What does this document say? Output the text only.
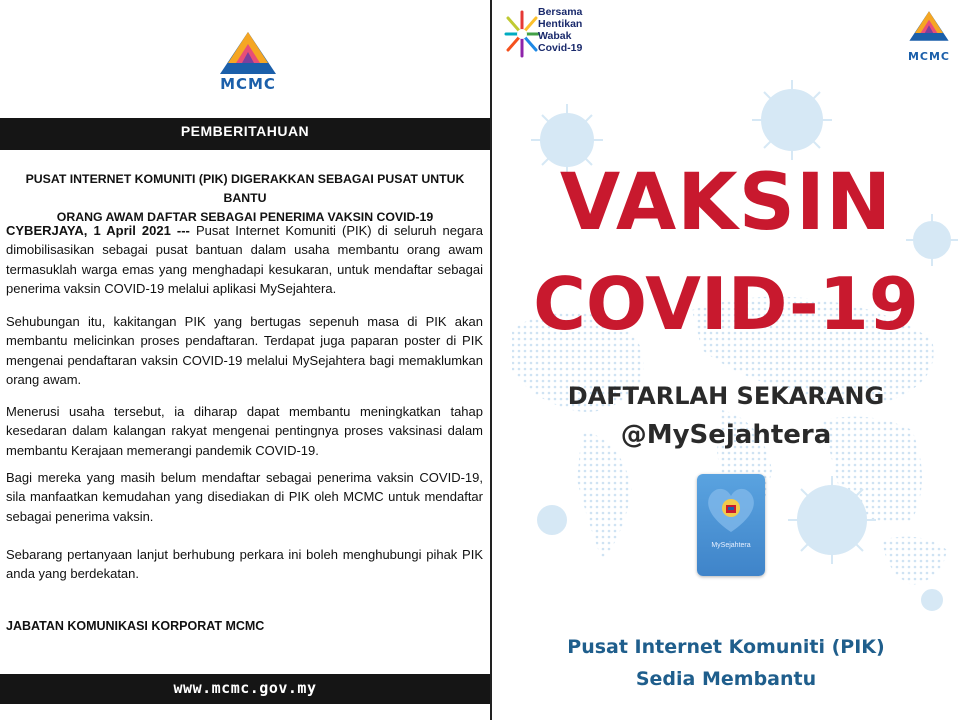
MCMC
PEMBERITAHUAN
PUSAT INTERNET KOMUNITI (PIK) DIGERAKKAN SEBAGAI PUSAT UNTUK BANTU
ORANG AWAM DAFTAR SEBAGAI PENERIMA VAKSIN COVID-19
CYBERJAYA, 1 April 2021 --- Pusat Internet Komuniti (PIK) di seluruh negara dimobilisasikan sebagai pusat bantuan dalam usaha membantu orang awam termasuklah warga emas yang menghadapi kesukaran, untuk mendaftar sebagai penerima vaksin COVID-19 melalui aplikasi MySejahtera.
Sehubungan itu, kakitangan PIK yang bertugas sepenuh masa di PIK akan membantu melicinkan proses pendaftaran. Terdapat juga paparan poster di PIK mengenai pendaftaran vaksin COVID-19 melalui MySejahtera bagi memaklumkan orang awam.
Menerusi usaha tersebut, ia diharap dapat membantu meningkatkan tahap kesedaran dalam kalangan rakyat mengenai pentingnya proses vaksinasi dalam membantu Kerajaan memerangi pandemik COVID-19.
Bagi mereka yang masih belum mendaftar sebagai penerima vaksin COVID-19, sila manfaatkan kemudahan yang disediakan di PIK oleh MCMC untuk mendaftar sebagai penerima vaksin.
Sebarang pertanyaan lanjut berhubung perkara ini boleh menghubungi pihak PIK anda yang berdekatan.
JABATAN KOMUNIKASI KORPORAT MCMC
www.mcmc.gov.my
Bersama
Hentikan
Wabak
Covid-19
MCMC
VAKSIN
COVID-19
DAFTARLAH SEKARANG
@MySejahtera
MySejahtera
Pusat Internet Komuniti (PIK)
Sedia Membantu
